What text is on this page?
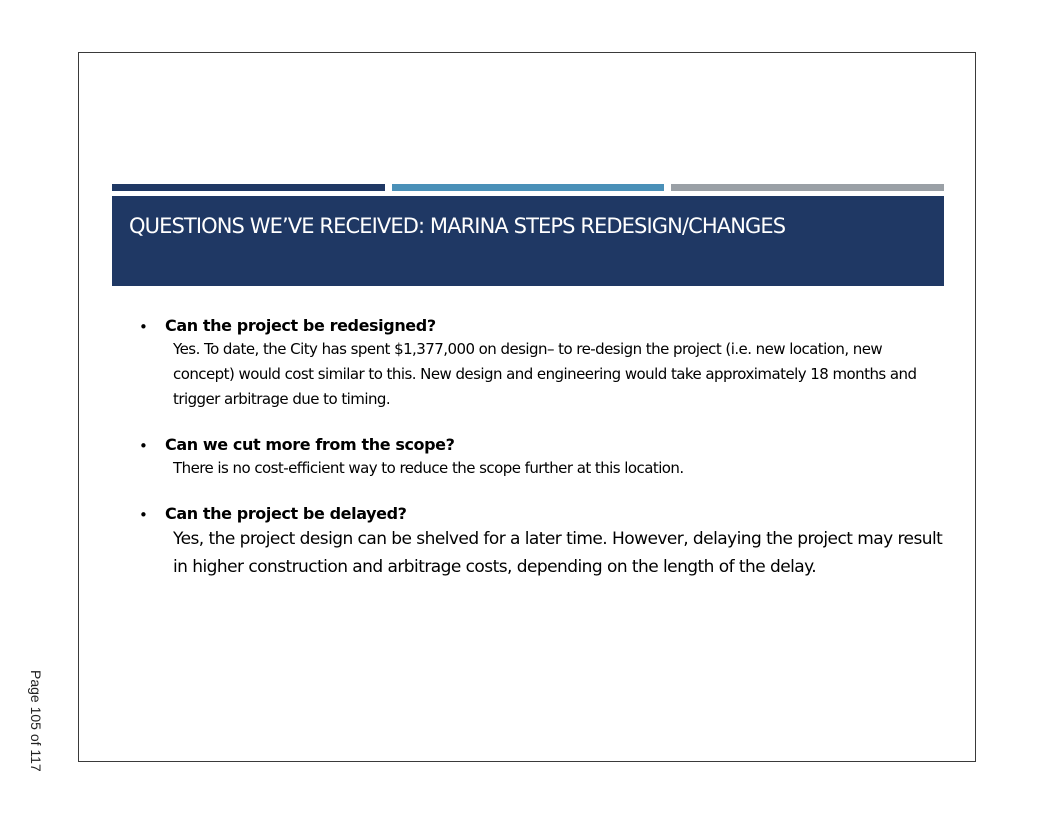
QUESTIONS WE’VE RECEIVED: MARINA STEPS REDESIGN/CHANGES
• Can the project be redesigned?
Yes. To date, the City has spent $1,377,000 on design– to re-design the project (i.e. new location, new concept) would cost similar to this. New design and engineering would take approximately 18 months and trigger arbitrage due to timing.
• Can we cut more from the scope?
There is no cost-efficient way to reduce the scope further at this location.
• Can the project be delayed?
Yes, the project design can be shelved for a later time. However, delaying the project may result in higher construction and arbitrage costs, depending on the length of the delay.
Page 105 of 117
